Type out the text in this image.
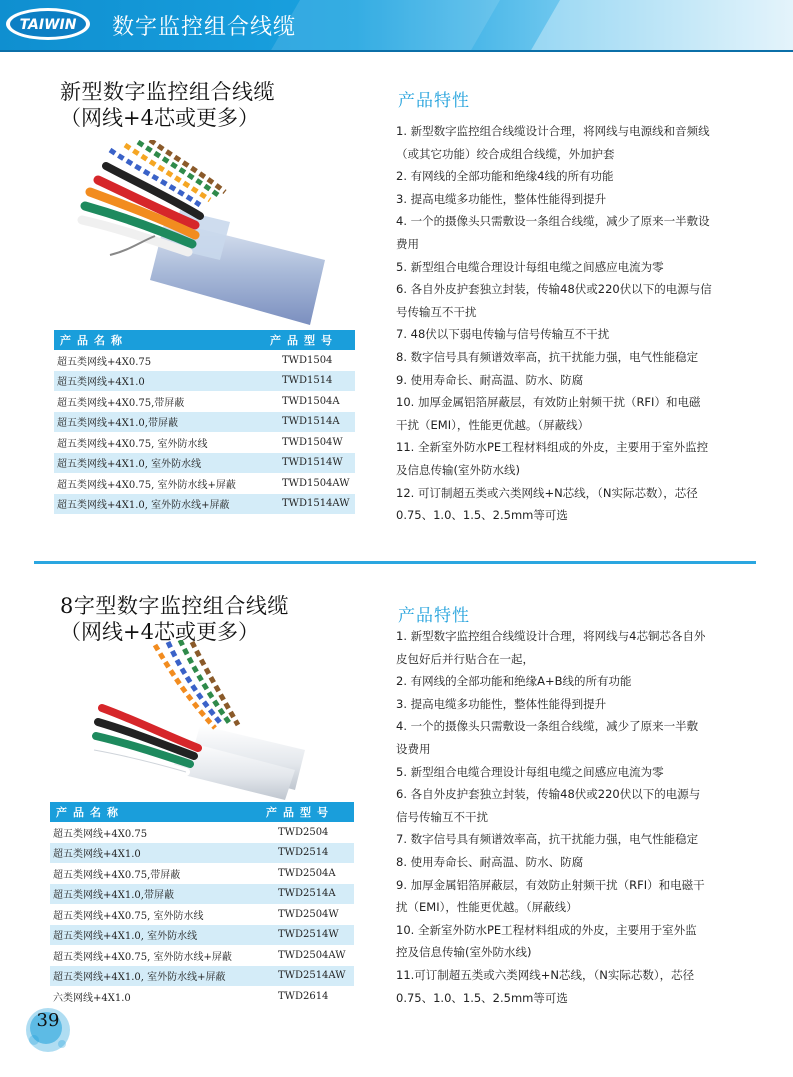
TAIWIN 数字监控组合线缆
新型数字监控组合线缆
（网线+4芯或更多）
产品名称	产品型号
超五类网线+4X0.75	TWD1504
超五类网线+4X1.0	TWD1514
超五类网线+4X0.75,带屏蔽	TWD1504A
超五类网线+4X1.0,带屏蔽	TWD1514A
超五类网线+4X0.75, 室外防水线	TWD1504W
超五类网线+4X1.0, 室外防水线	TWD1514W
超五类网线+4X0.75, 室外防水线+屏蔽	TWD1504AW
超五类网线+4X1.0, 室外防水线+屏蔽	TWD1514AW
产品特性
1. 新型数字监控组合线缆设计合理，将网线与电源线和音频线
（或其它功能）绞合成组合线缆，外加护套
2. 有网线的全部功能和绝缘4线的所有功能
3. 提高电缆多功能性，整体性能得到提升
4. 一个的摄像头只需敷设一条组合线缆，减少了原来一半敷设
费用
5. 新型组合电缆合理设计每组电缆之间感应电流为零
6. 各自外皮护套独立封装，传输48伏或220伏以下的电源与信
号传输互不干扰
7. 48伏以下弱电传输与信号传输互不干扰
8. 数字信号具有频谱效率高，抗干扰能力强，电气性能稳定
9. 使用寿命长、耐高温、防水、防腐
10. 加厚金属铝箔屏蔽层，有效防止射频干扰（RFI）和电磁
干扰（EMI），性能更优越。（屏蔽线）
11. 全新室外防水PE工程材料组成的外皮，主要用于室外监控
及信息传输(室外防水线)
12. 可订制超五类或六类网线+N芯线，（N实际芯数），芯径
0.75、1.0、1.5、2.5mm等可选
8字型数字监控组合线缆
（网线+4芯或更多）
产品名称	产品型号
超五类网线+4X0.75	TWD2504
超五类网线+4X1.0	TWD2514
超五类网线+4X0.75,带屏蔽	TWD2504A
超五类网线+4X1.0,带屏蔽	TWD2514A
超五类网线+4X0.75, 室外防水线	TWD2504W
超五类网线+4X1.0, 室外防水线	TWD2514W
超五类网线+4X0.75, 室外防水线+屏蔽	TWD2504AW
超五类网线+4X1.0, 室外防水线+屏蔽	TWD2514AW
六类网线+4X1.0	TWD2614
产品特性
1. 新型数字监控组合线缆设计合理，将网线与4芯铜芯各自外
皮包好后并行贴合在一起，
2. 有网线的全部功能和绝缘A+B线的所有功能
3. 提高电缆多功能性，整体性能得到提升
4. 一个的摄像头只需敷设一条组合线缆，减少了原来一半敷
设费用
5. 新型组合电缆合理设计每组电缆之间感应电流为零
6. 各自外皮护套独立封装，传输48伏或220伏以下的电源与
信号传输互不干扰
7. 数字信号具有频谱效率高，抗干扰能力强，电气性能稳定
8. 使用寿命长、耐高温、防水、防腐
9. 加厚金属铝箔屏蔽层，有效防止射频干扰（RFI）和电磁干
扰（EMI），性能更优越。（屏蔽线）
10. 全新室外防水PE工程材料组成的外皮，主要用于室外监
控及信息传输(室外防水线)
11.可订制超五类或六类网线+N芯线，（N实际芯数），芯径
0.75、1.0、1.5、2.5mm等可选
39
